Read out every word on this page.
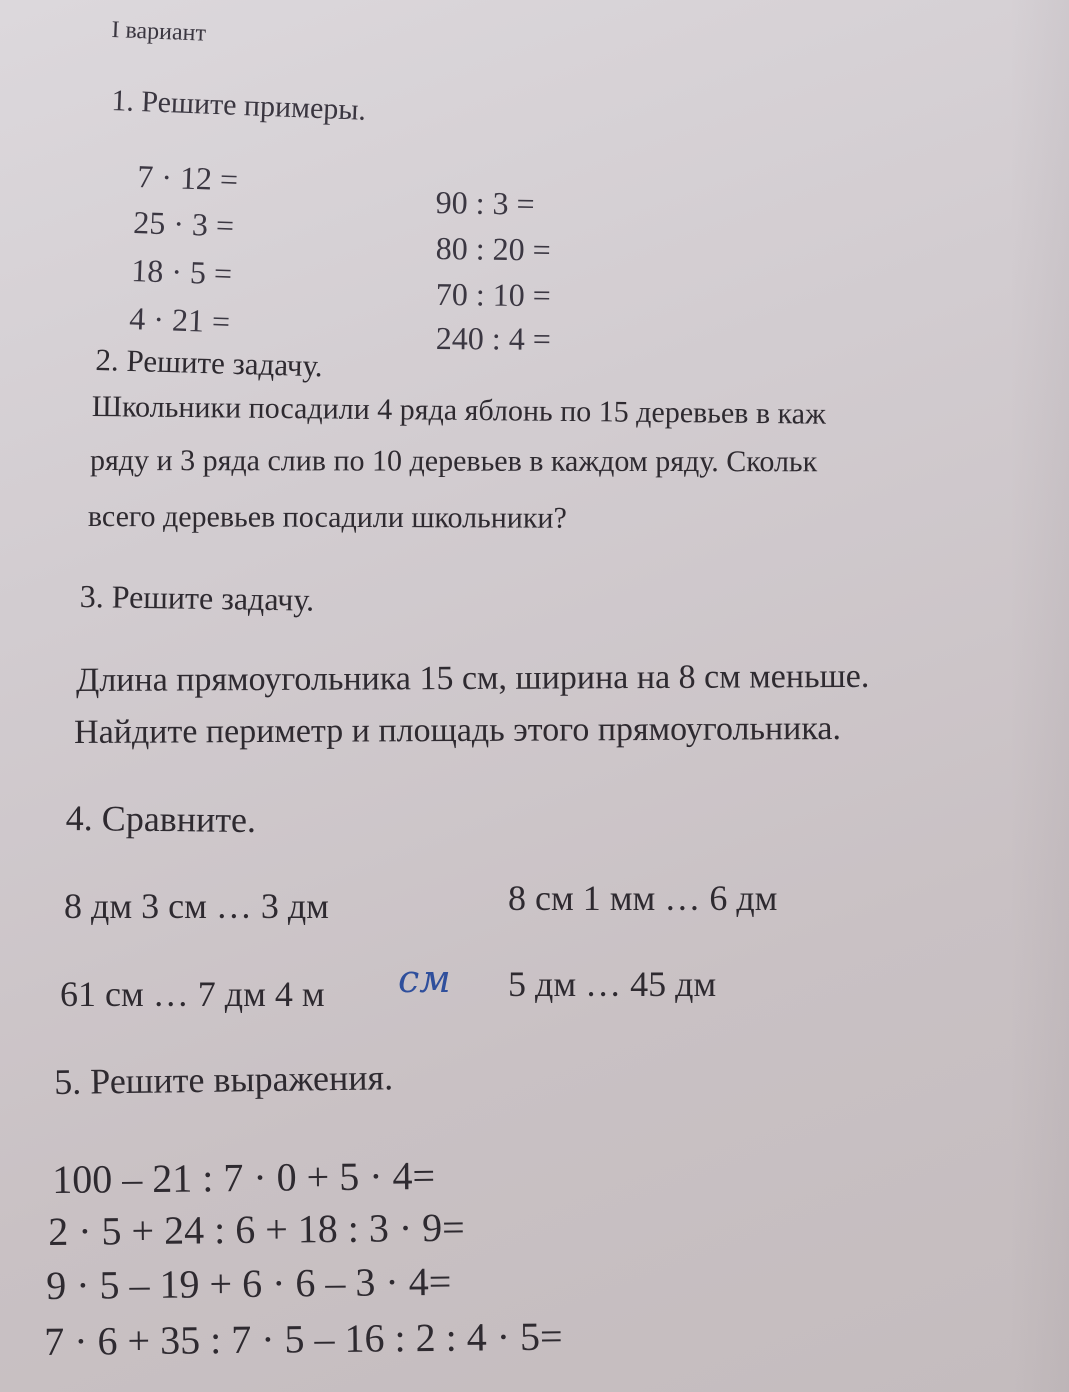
I вариант
1. Решите примеры.
7 · 12 =
25 · 3 =
18 · 5 =
4 · 21 =
90 : 3 =
80 : 20 =
70 : 10 =
240 : 4 =
2. Решите задачу.
Школьники посадили 4 ряда яблонь по 15 деревьев в каж
ряду и 3 ряда слив по 10 деревьев в каждом ряду. Скольк
всего деревьев посадили школьники?
3. Решите задачу.
Длина прямоугольника 15 см, ширина на 8 см меньше.
Найдите периметр и площадь этого прямоугольника.
4. Сравните.
8 дм 3 см … 3 дм	8 см 1 мм … 6 дм
61 см … 7 дм 4 м см 5 дм … 45 дм
5. Решите выражения.
100 – 21 : 7 · 0 + 5 · 4=
2 · 5 + 24 : 6 + 18 : 3 · 9=
9 · 5 – 19 + 6 · 6 – 3 · 4=
7 · 6 + 35 : 7 · 5 – 16 : 2 : 4 · 5=
